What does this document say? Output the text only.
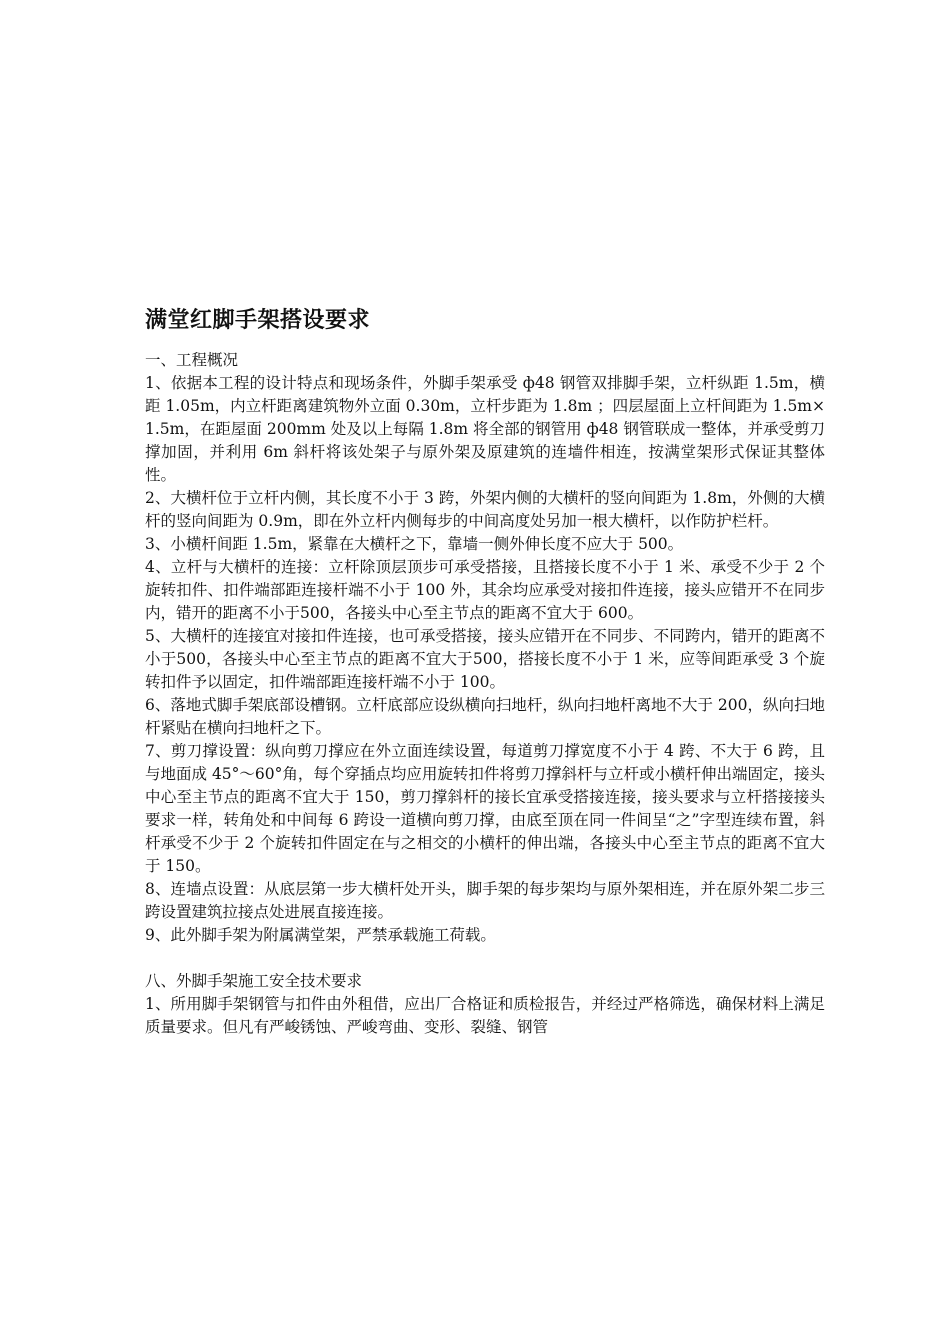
满堂红脚手架搭设要求

一、工程概况

1、依据本工程的设计特点和现场条件，外脚手架承受 ф48 钢管双排脚手架，立杆纵距 1.5m，横距 1.05m，内立杆距离建筑物外立面 0.30m，立杆步距为 1.8m ；四层屋面上立杆间距为 1.5m×1.5m，在距屋面 200mm 处及以上每隔 1.8m 将全部的钢管用 ф48 钢管联成一整体，并承受剪刀撑加固，并利用 6m 斜杆将该处架子与原外架及原建筑的连墙件相连，按满堂架形式保证其整体性。

2、大横杆位于立杆内侧，其长度不小于 3 跨，外架内侧的大横杆的竖向间距为 1.8m，外侧的大横杆的竖向间距为 0.9m，即在外立杆内侧每步的中间高度处另加一根大横杆，以作防护栏杆。

3、小横杆间距 1.5m，紧靠在大横杆之下，靠墙一侧外伸长度不应大于 500。

4、立杆与大横杆的连接：立杆除顶层顶步可承受搭接，且搭接长度不小于 1 米、承受不少于 2 个旋转扣件、扣件端部距连接杆端不小于 100 外，其余均应承受对接扣件连接，接头应错开不在同步内，错开的距离不小于500，各接头中心至主节点的距离不宜大于 600。

5、大横杆的连接宜对接扣件连接，也可承受搭接，接头应错开在不同步、不同跨内，错开的距离不小于500，各接头中心至主节点的距离不宜大于500，搭接长度不小于 1 米，应等间距承受 3 个旋转扣件予以固定，扣件端部距连接杆端不小于 100。

6、落地式脚手架底部设槽钢。立杆底部应设纵横向扫地杆，纵向扫地杆离地不大于 200，纵向扫地杆紧贴在横向扫地杆之下。

7、剪刀撑设置：纵向剪刀撑应在外立面连续设置，每道剪刀撑宽度不小于 4 跨、不大于 6 跨，且与地面成 45°～60°角，每个穿插点均应用旋转扣件将剪刀撑斜杆与立杆或小横杆伸出端固定，接头中心至主节点的距离不宜大于 150，剪刀撑斜杆的接长宜承受搭接连接，接头要求与立杆搭接接头要求一样，转角处和中间每 6 跨设一道横向剪刀撑，由底至顶在同一件间呈“之”字型连续布置，斜杆承受不少于 2 个旋转扣件固定在与之相交的小横杆的伸出端，各接头中心至主节点的距离不宜大于 150。

8、连墙点设置：从底层第一步大横杆处开头，脚手架的每步架均与原外架相连，并在原外架二步三跨设置建筑拉接点处进展直接连接。

9、此外脚手架为附属满堂架，严禁承载施工荷载。

八、外脚手架施工安全技术要求

1、所用脚手架钢管与扣件由外租借，应出厂合格证和质检报告，并经过严格筛选，确保材料上满足质量要求。但凡有严峻锈蚀、严峻弯曲、变形、裂缝、钢管
